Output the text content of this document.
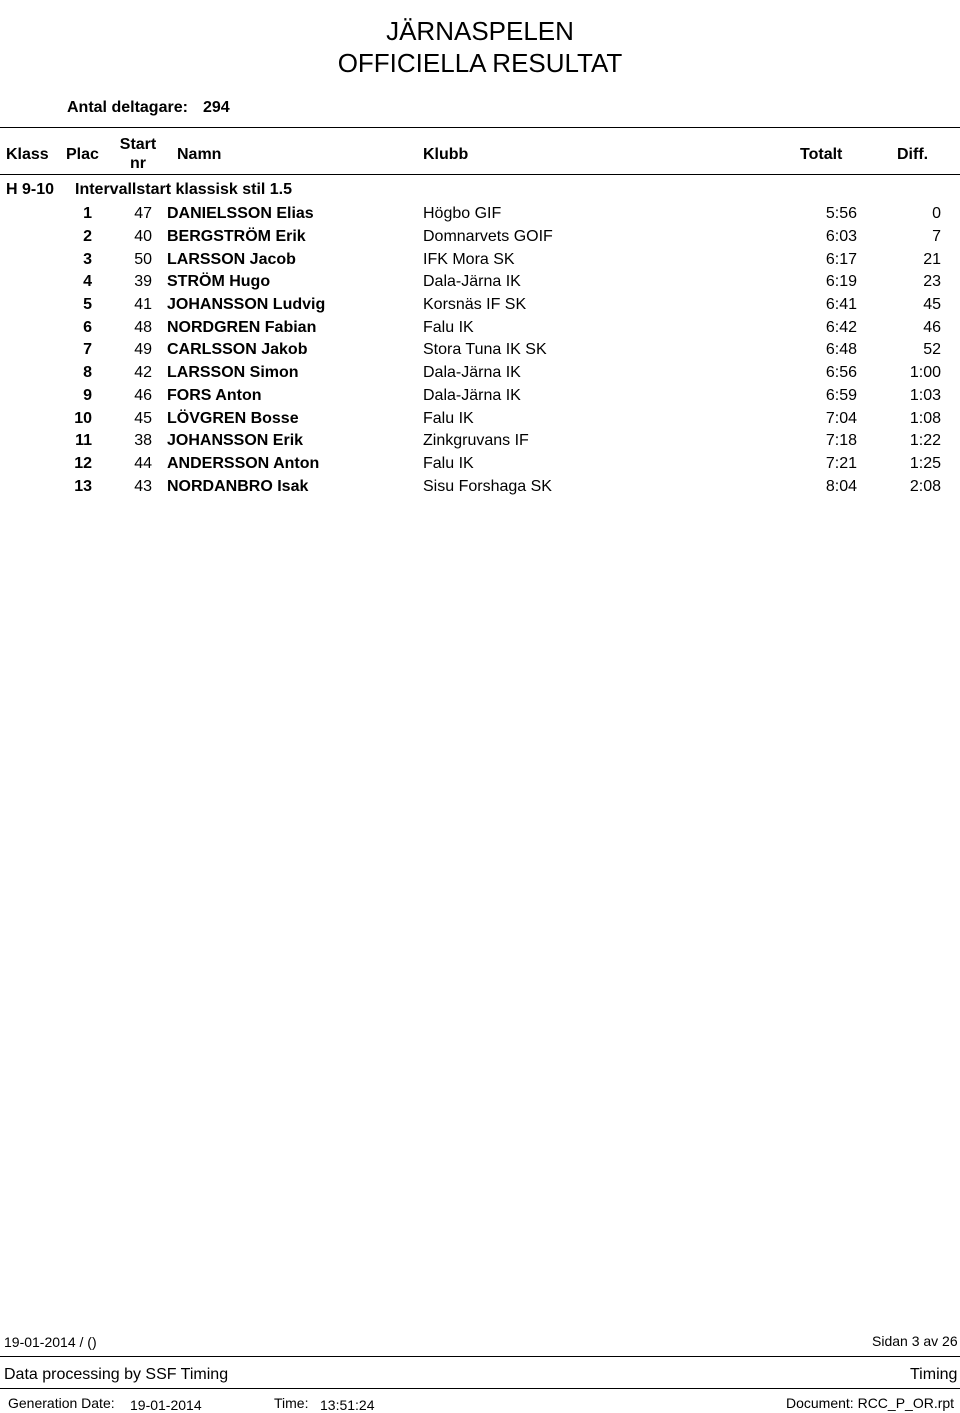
JÄRNASPELEN
OFFICIELLA RESULTAT
Antal deltagare: 294
Klass Plac
Start
nr
Namn	Klubb	Totalt	Diff.
H 9-10 Intervallstart klassisk stil 1.5
1	47 DANIELSSON Elias	Högbo GIF	5:56	0
2	40 BERGSTRÖM Erik	Domnarvets GOIF	6:03	7
3	50 LARSSON Jacob	IFK Mora SK	6:17	21
4	39 STRÖM Hugo	Dala-Järna IK	6:19	23
5	41 JOHANSSON Ludvig	Korsnäs IF SK	6:41	45
6	48 NORDGREN Fabian	Falu IK	6:42	46
7	49 CARLSSON Jakob	Stora Tuna IK SK	6:48	52
8	42 LARSSON Simon	Dala-Järna IK	6:56	1:00
9	46 FORS Anton	Dala-Järna IK	6:59	1:03
10	45 LÖVGREN Bosse	Falu IK	7:04	1:08
11	38 JOHANSSON Erik	Zinkgruvans IF	7:18	1:22
12	44 ANDERSSON Anton	Falu IK	7:21	1:25
13	43 NORDANBRO Isak	Sisu Forshaga SK	8:04	2:08
19-01-2014 / ()	Sidan 3 av 26
Data processing by SSF Timing	Timing
Generation Date: 19-01-2014	Time: 13:51:24	Document: RCC_P_OR.rpt
